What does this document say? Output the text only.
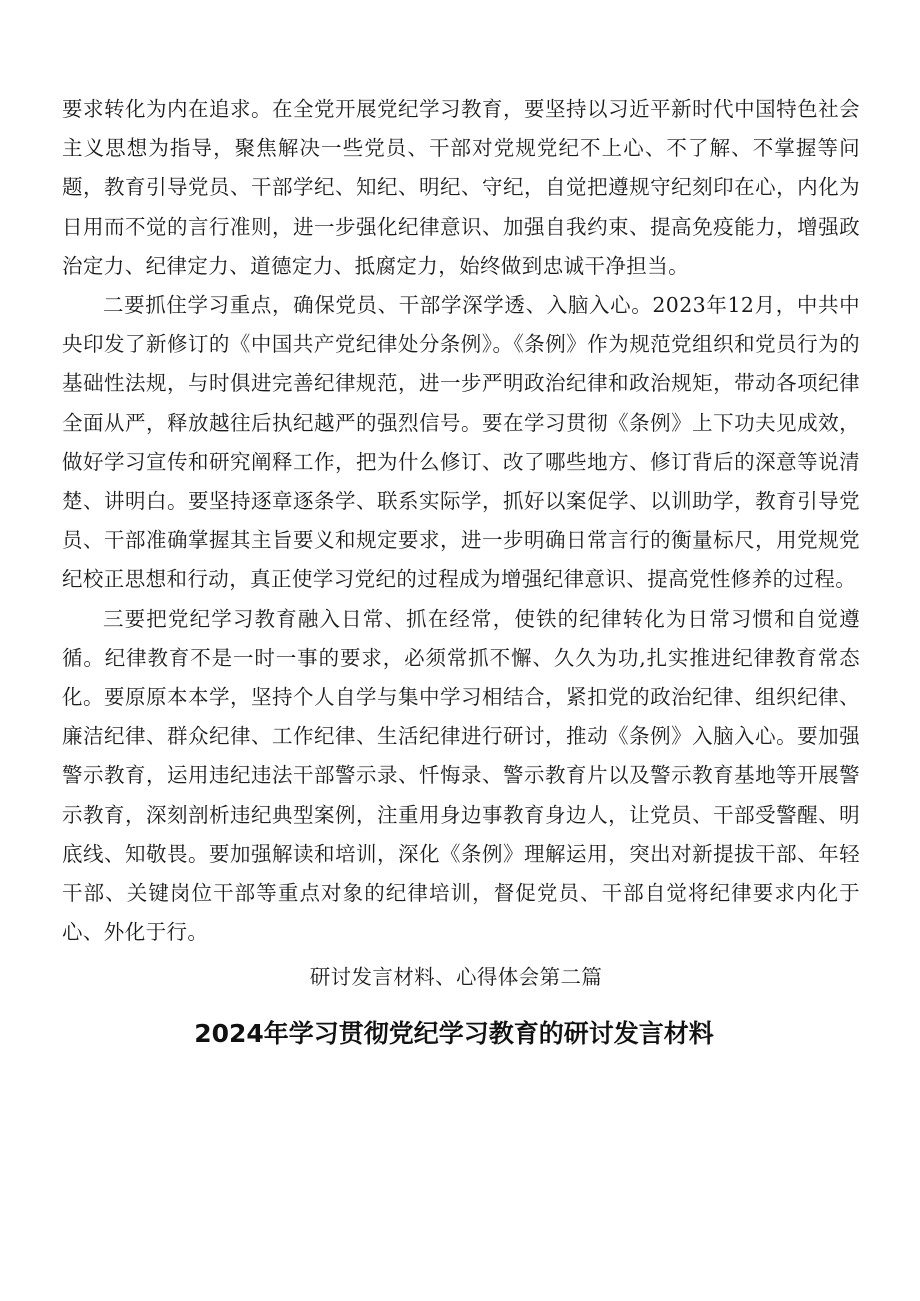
要求转化为内在追求。在全党开展党纪学习教育，要坚持以习近平新时代中国特色社会主义思想为指导，聚焦解决一些党员、干部对党规党纪不上心、不了解、不掌握等问题，教育引导党员、干部学纪、知纪、明纪、守纪，自觉把遵规守纪刻印在心，内化为日用而不觉的言行准则，进一步强化纪律意识、加强自我约束、提高免疫能力，增强政治定力、纪律定力、道德定力、抵腐定力，始终做到忠诚干净担当。

二要抓住学习重点，确保党员、干部学深学透、入脑入心。2023年12月，中共中央印发了新修订的《中国共产党纪律处分条例》。《条例》作为规范党组织和党员行为的基础性法规，与时俱进完善纪律规范，进一步严明政治纪律和政治规矩，带动各项纪律全面从严，释放越往后执纪越严的强烈信号。要在学习贯彻《条例》上下功夫见成效，做好学习宣传和研究阐释工作，把为什么修订、改了哪些地方、修订背后的深意等说清楚、讲明白。要坚持逐章逐条学、联系实际学，抓好以案促学、以训助学，教育引导党员、干部准确掌握其主旨要义和规定要求，进一步明确日常言行的衡量标尺，用党规党纪校正思想和行动，真正使学习党纪的过程成为增强纪律意识、提高党性修养的过程。

三要把党纪学习教育融入日常、抓在经常，使铁的纪律转化为日常习惯和自觉遵循。纪律教育不是一时一事的要求，必须常抓不懈、久久为功,扎实推进纪律教育常态化。要原原本本学，坚持个人自学与集中学习相结合，紧扣党的政治纪律、组织纪律、廉洁纪律、群众纪律、工作纪律、生活纪律进行研讨，推动《条例》入脑入心。要加强警示教育，运用违纪违法干部警示录、忏悔录、警示教育片以及警示教育基地等开展警示教育，深刻剖析违纪典型案例，注重用身边事教育身边人，让党员、干部受警醒、明底线、知敬畏。要加强解读和培训，深化《条例》理解运用，突出对新提拔干部、年轻干部、关键岗位干部等重点对象的纪律培训，督促党员、干部自觉将纪律要求内化于心、外化于行。

研讨发言材料、心得体会第二篇

2024年学习贯彻党纪学习教育的研讨发言材料
